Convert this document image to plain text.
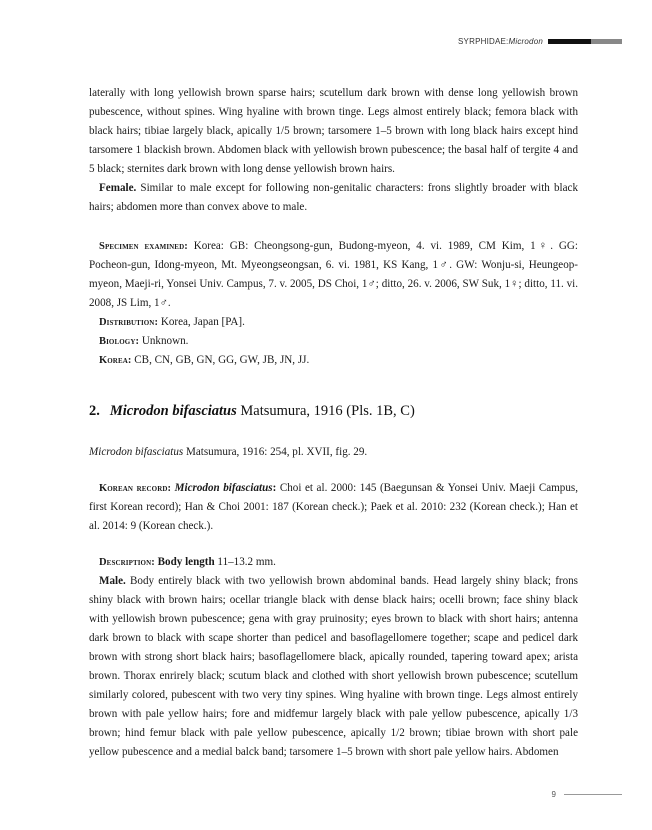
SYRPHIDAE: Microdon

laterally with long yellowish brown sparse hairs; scutellum dark brown with dense long yellowish brown pubescence, without spines. Wing hyaline with brown tinge. Legs almost entirely black; femora black with black hairs; tibiae largely black, apically 1/5 brown; tarsomere 1–5 brown with long black hairs except hind tarsomere 1 blackish brown. Abdomen black with yellowish brown pubescence; the basal half of tergite 4 and 5 black; sternites dark brown with long dense yellowish brown hairs.

Female. Similar to male except for following non-genitalic characters: frons slightly broader with black hairs; abdomen more than convex above to male.

Specimen examined: Korea: GB: Cheongsong-gun, Budong-myeon, 4. vi. 1989, CM Kim, 1♀. GG: Pocheon-gun, Idong-myeon, Mt. Myeongseongsan, 6. vi. 1981, KS Kang, 1♂. GW: Wonju-si, Heungeop-myeon, Maeji-ri, Yonsei Univ. Campus, 7. v. 2005, DS Choi, 1♂; ditto, 26. v. 2006, SW Suk, 1♀; ditto, 11. vi. 2008, JS Lim, 1♂.

Distribution: Korea, Japan [PA].

Biology: Unknown.

Korea: CB, CN, GB, GN, GG, GW, JB, JN, JJ.

2. Microdon bifasciatus Matsumura, 1916 (Pls. 1B, C)

Microdon bifasciatus Matsumura, 1916: 254, pl. XVII, fig. 29.

Korean record: Microdon bifasciatus: Choi et al. 2000: 145 (Baegunsan & Yonsei Univ. Maeji Campus, first Korean record); Han & Choi 2001: 187 (Korean check.); Paek et al. 2010: 232 (Korean check.); Han et al. 2014: 9 (Korean check.).

Description: Body length 11–13.2 mm.

Male. Body entirely black with two yellowish brown abdominal bands. Head largely shiny black; frons shiny black with brown hairs; ocellar triangle black with dense black hairs; ocelli brown; face shiny black with yellowish brown pubescence; gena with gray pruinosity; eyes brown to black with short hairs; antenna dark brown to black with scape shorter than pedicel and basoflagellomere together; scape and pedicel dark brown with strong short black hairs; basoflagellomere black, apically rounded, tapering toward apex; arista brown. Thorax enrirely black; scutum black and clothed with short yellowish brown pubescence; scutellum similarly colored, pubescent with two very tiny spines. Wing hyaline with brown tinge. Legs almost entirely brown with pale yellow hairs; fore and midfemur largely black with pale yellow pubescence, apically 1/3 brown; hind femur black with pale yellow pubescence, apically 1/2 brown; tibiae brown with short pale yellow pubescence and a medial balck band; tarsomere 1–5 brown with short pale yellow hairs. Abdomen

9
